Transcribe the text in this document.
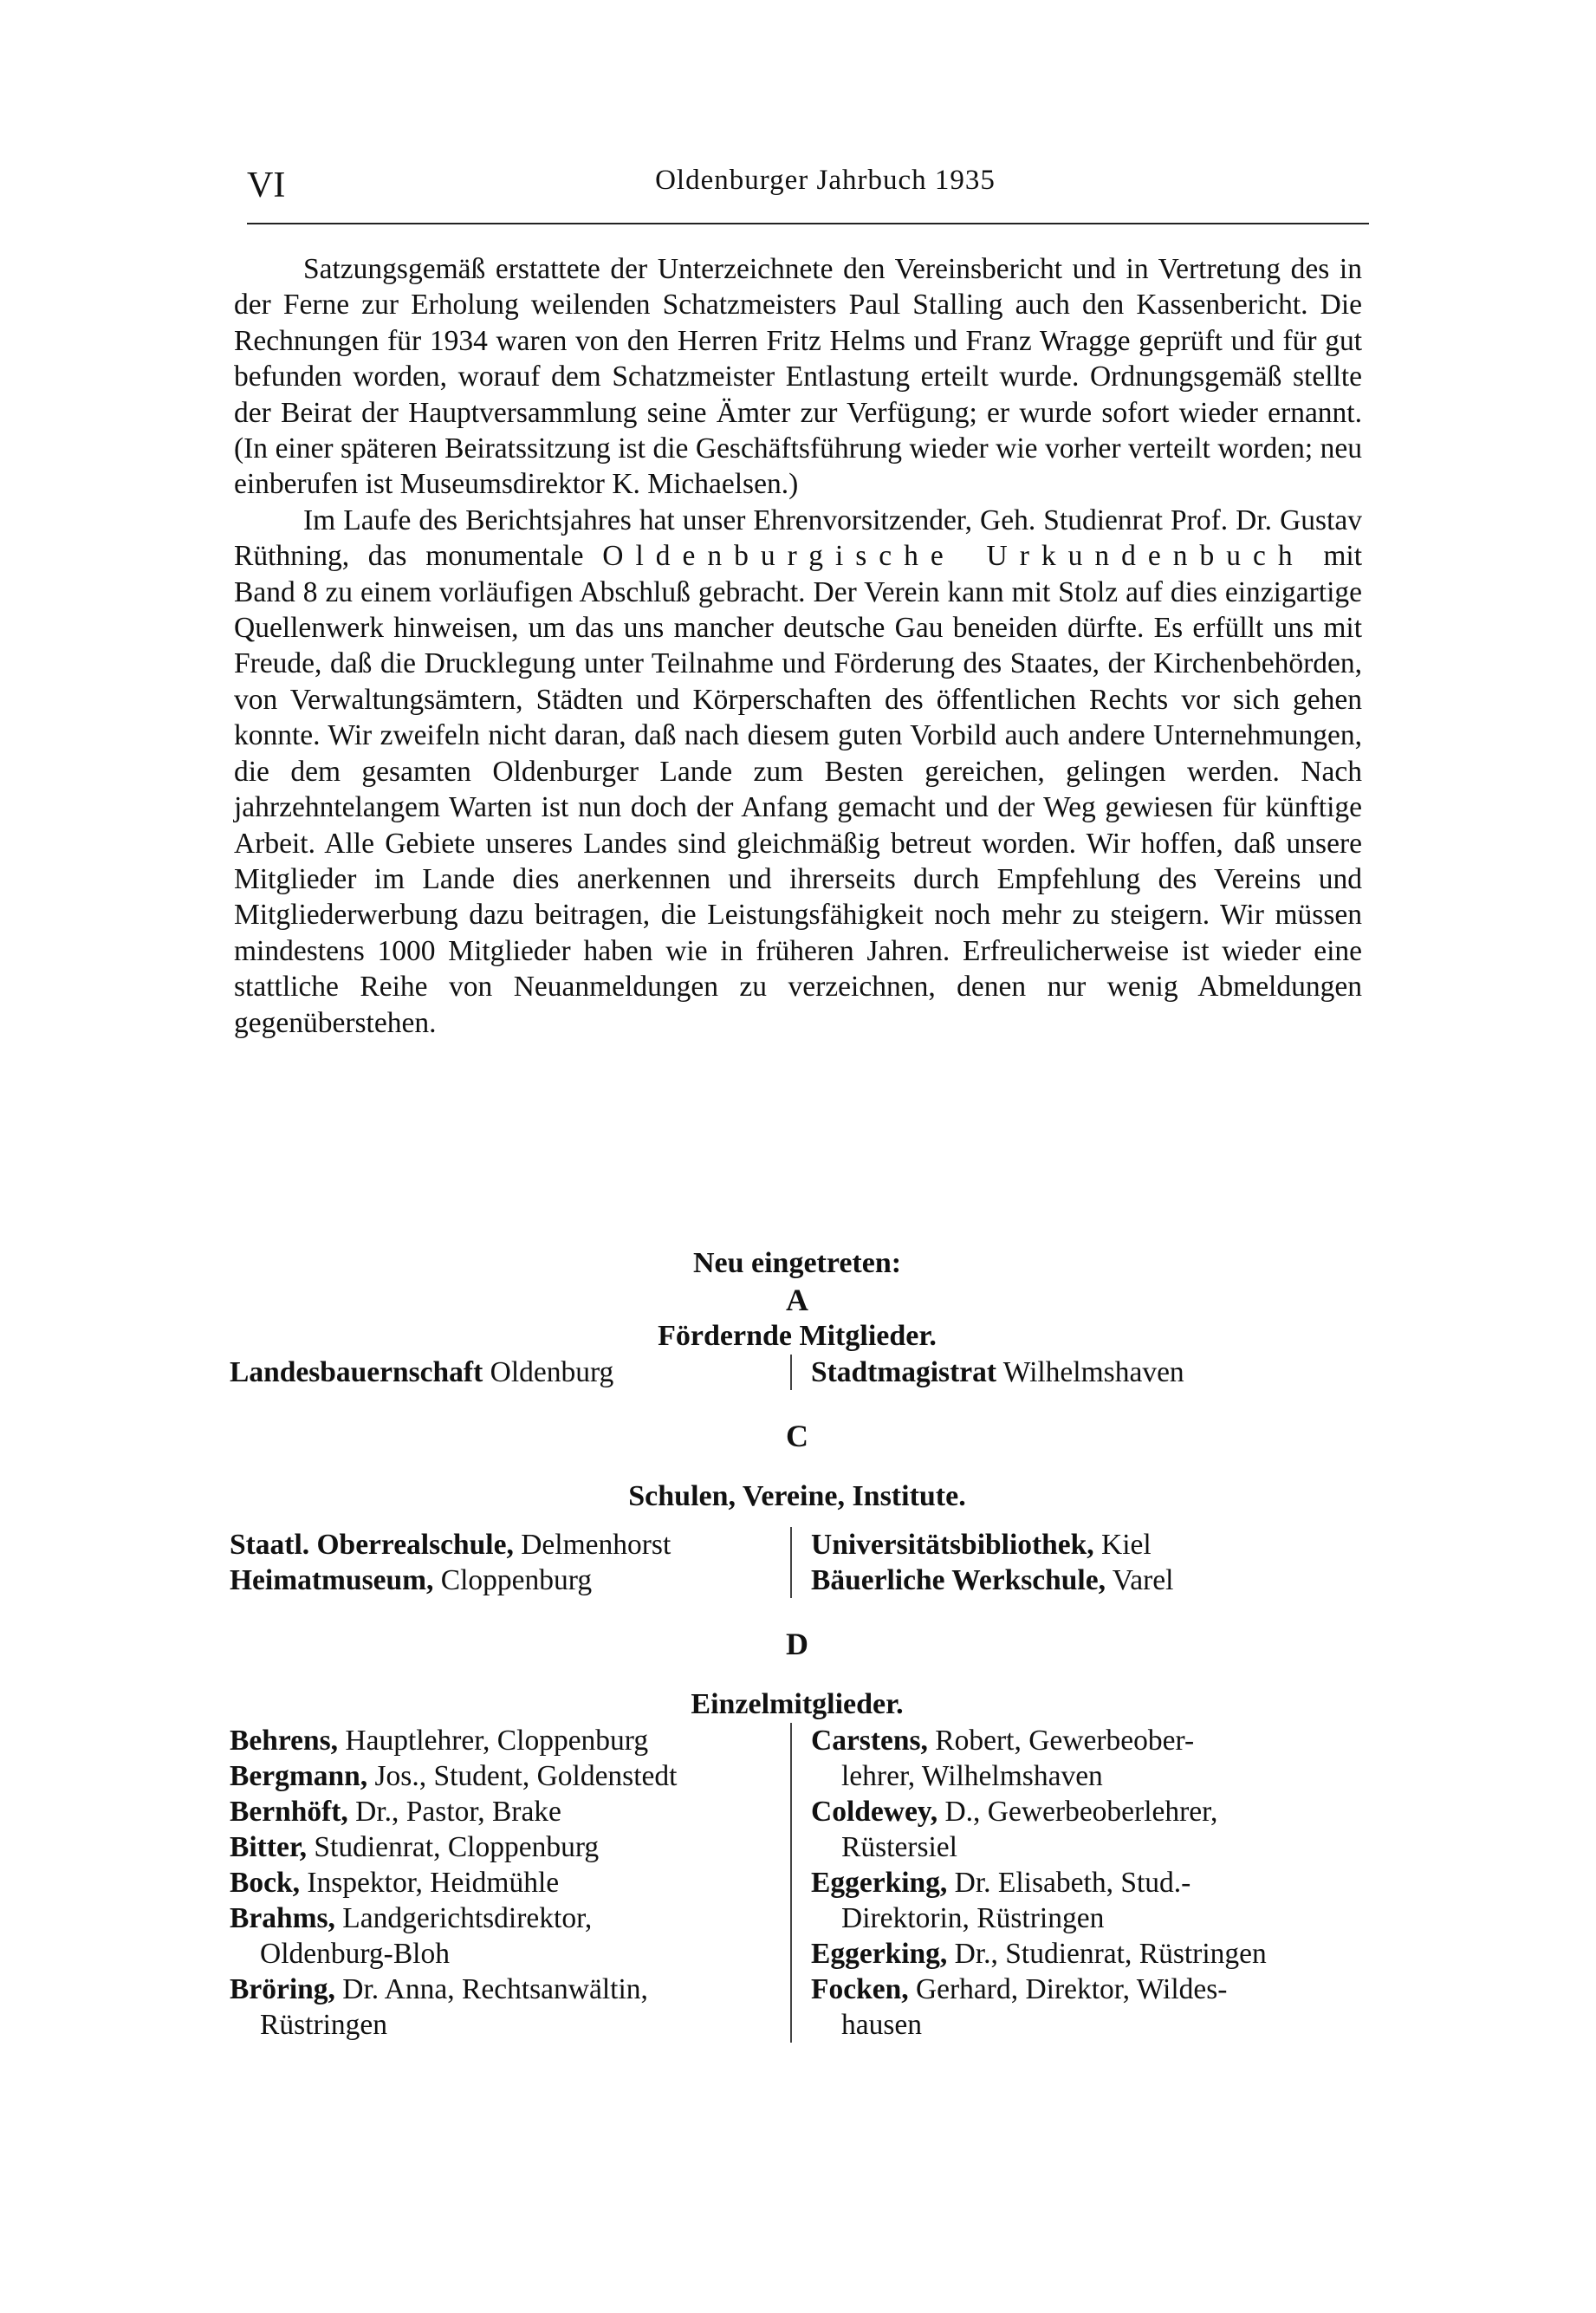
VI	Oldenburger Jahrbuch 1935

Satzungsgemäß erstattete der Unterzeichnete den Vereinsbericht und in Vertretung des in der Ferne zur Erholung weilenden Schatzmeisters Paul Stalling auch den Kassenbericht. Die Rechnungen für 1934 waren von den Herren Fritz Helms und Franz Wragge geprüft und für gut befunden worden, worauf dem Schatzmeister Entlastung erteilt wurde. Ordnungsgemäß stellte der Beirat der Hauptversammlung seine Ämter zur Verfügung; er wurde sofort wieder ernannt. (In einer späteren Beiratssitzung ist die Geschäftsführung wieder wie vorher verteilt worden; neu einberufen ist Museumsdirektor K. Michaelsen.)

Im Laufe des Berichtsjahres hat unser Ehrenvorsitzender, Geh. Studienrat Prof. Dr. Gustav Rüthning, das monumentale Oldenburgische Urkundenbuch mit Band 8 zu einem vorläufigen Abschluß gebracht. Der Verein kann mit Stolz auf dies einzigartige Quellenwerk hinweisen, um das uns mancher deutsche Gau beneiden dürfte. Es erfüllt uns mit Freude, daß die Drucklegung unter Teilnahme und Förderung des Staates, der Kirchenbehörden, von Verwaltungsämtern, Städten und Körperschaften des öffentlichen Rechts vor sich gehen konnte. Wir zweifeln nicht daran, daß nach diesem guten Vorbild auch andere Unternehmungen, die dem gesamten Oldenburger Lande zum Besten gereichen, gelingen werden. Nach jahrzehntelangem Warten ist nun doch der Anfang gemacht und der Weg gewiesen für künftige Arbeit. Alle Gebiete unseres Landes sind gleichmäßig betreut worden. Wir hoffen, daß unsere Mitglieder im Lande dies anerkennen und ihrerseits durch Empfehlung des Vereins und Mitgliederwerbung dazu beitragen, die Leistungsfähigkeit noch mehr zu steigern. Wir müssen mindestens 1000 Mitglieder haben wie in früheren Jahren. Erfreulicherweise ist wieder eine stattliche Reihe von Neuanmeldungen zu verzeichnen, denen nur wenig Abmeldungen gegenüberstehen.

Neu eingetreten:
A
Fördernde Mitglieder.
Landesbauernschaft Oldenburg	Stadtmagistrat Wilhelmshaven
C
Schulen, Vereine, Institute.
Staatl. Oberrealschule, Delmenhorst
Heimatmuseum, Cloppenburg
Universitätsbibliothek, Kiel
Bäuerliche Werkschule, Varel
D
Einzelmitglieder.
Behrens, Hauptlehrer, Cloppenburg
Bergmann, Jos., Student, Goldenstedt
Bernhöft, Dr., Pastor, Brake
Bitter, Studienrat, Cloppenburg
Bock, Inspektor, Heidmühle
Brahms, Landgerichtsdirektor,
Oldenburg-Bloh
Bröring, Dr. Anna, Rechtsanwältin,
Rüstringen
Carstens, Robert, Gewerbeober-
lehrer, Wilhelmshaven
Coldewey, D., Gewerbeoberlehrer,
Rüstersiel
Eggerking, Dr. Elisabeth, Stud.-
Direktorin, Rüstringen
Eggerking, Dr., Studienrat, Rüstringen
Focken, Gerhard, Direktor, Wildes-
hausen
